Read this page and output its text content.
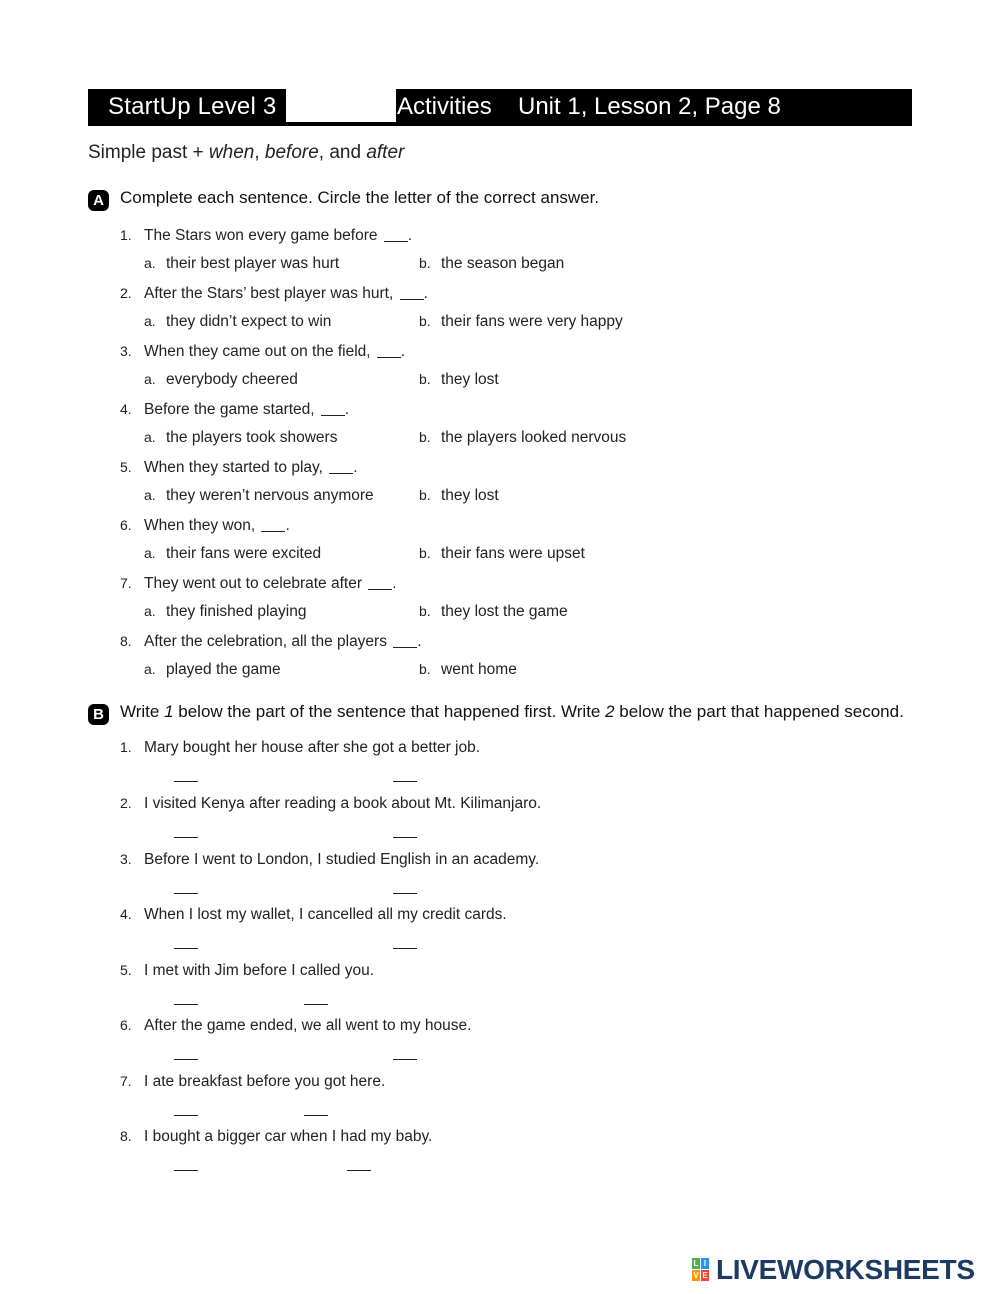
StartUp Level 3	Activities Unit 1, Lesson 2, Page 8
Simple past + when, before, and after
A Complete each sentence. Circle the letter of the correct answer.
1. The Stars won every game before .
a. their best player was hurt	b. the season began
2. After the Stars’ best player was hurt, .
a. they didn’t expect to win	b. their fans were very happy
3. When they came out on the field, .
a. everybody cheered	b. they lost
4. Before the game started, .
a. the players took showers	b. the players looked nervous
5. When they started to play, .
a. they weren’t nervous anymore	b. they lost
6. When they won, .
a. their fans were excited	b. their fans were upset
7. They went out to celebrate after .
a. they finished playing	b. they lost the game
8. After the celebration, all the players .
a. played the game	b. went home
B Write 1 below the part of the sentence that happened first. Write 2 below the part that happened second.
1. Mary bought her house after she got a better job.
2. I visited Kenya after reading a book about Mt. Kilimanjaro.
3. Before I went to London, I studied English in an academy.
4. When I lost my wallet, I cancelled all my credit cards.
5. I met with Jim before I called you.
6. After the game ended, we all went to my house.
7. I ate breakfast before you got here.
8. I bought a bigger car when I had my baby.
L I
V E LIVEWORKSHEETS
